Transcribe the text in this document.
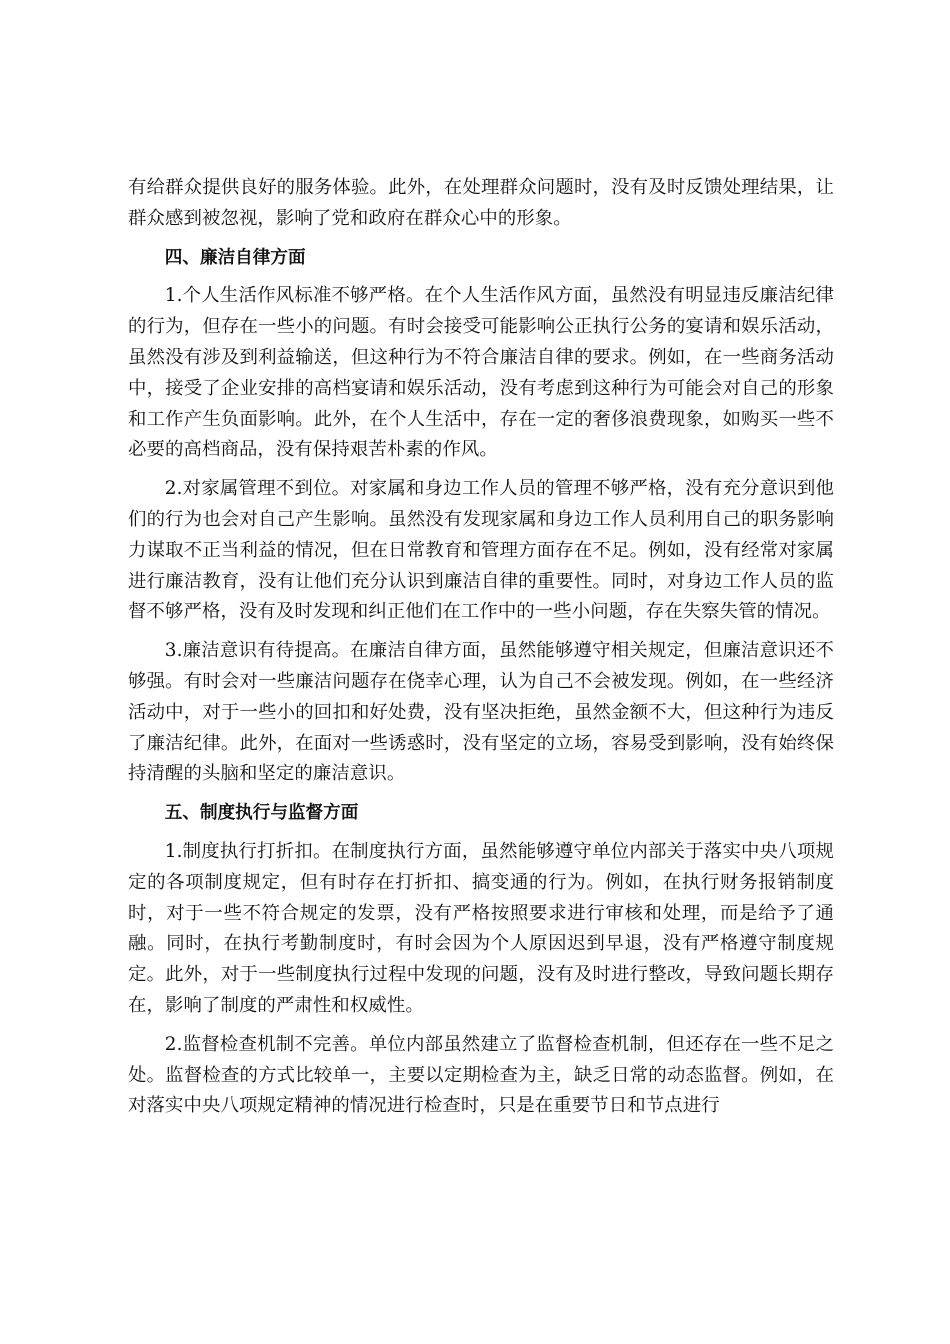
有给群众提供良好的服务体验。此外，在处理群众问题时，没有及时反馈处理结果，让群众感到被忽视，影响了党和政府在群众心中的形象。

四、廉洁自律方面

1.个人生活作风标准不够严格。在个人生活作风方面，虽然没有明显违反廉洁纪律的行为，但存在一些小的问题。有时会接受可能影响公正执行公务的宴请和娱乐活动，虽然没有涉及到利益输送，但这种行为不符合廉洁自律的要求。例如，在一些商务活动中，接受了企业安排的高档宴请和娱乐活动，没有考虑到这种行为可能会对自己的形象和工作产生负面影响。此外，在个人生活中，存在一定的奢侈浪费现象，如购买一些不必要的高档商品，没有保持艰苦朴素的作风。

2.对家属管理不到位。对家属和身边工作人员的管理不够严格，没有充分意识到他们的行为也会对自己产生影响。虽然没有发现家属和身边工作人员利用自己的职务影响力谋取不正当利益的情况，但在日常教育和管理方面存在不足。例如，没有经常对家属进行廉洁教育，没有让他们充分认识到廉洁自律的重要性。同时，对身边工作人员的监督不够严格，没有及时发现和纠正他们在工作中的一些小问题，存在失察失管的情况。

3.廉洁意识有待提高。在廉洁自律方面，虽然能够遵守相关规定，但廉洁意识还不够强。有时会对一些廉洁问题存在侥幸心理，认为自己不会被发现。例如，在一些经济活动中，对于一些小的回扣和好处费，没有坚决拒绝，虽然金额不大，但这种行为违反了廉洁纪律。此外，在面对一些诱惑时，没有坚定的立场，容易受到影响，没有始终保持清醒的头脑和坚定的廉洁意识。

五、制度执行与监督方面

1.制度执行打折扣。在制度执行方面，虽然能够遵守单位内部关于落实中央八项规定的各项制度规定，但有时存在打折扣、搞变通的行为。例如，在执行财务报销制度时，对于一些不符合规定的发票，没有严格按照要求进行审核和处理，而是给予了通融。同时，在执行考勤制度时，有时会因为个人原因迟到早退，没有严格遵守制度规定。此外，对于一些制度执行过程中发现的问题，没有及时进行整改，导致问题长期存在，影响了制度的严肃性和权威性。

2.监督检查机制不完善。单位内部虽然建立了监督检查机制，但还存在一些不足之处。监督检查的方式比较单一，主要以定期检查为主，缺乏日常的动态监督。例如，在对落实中央八项规定精神的情况进行检查时，只是在重要节日和节点进行
